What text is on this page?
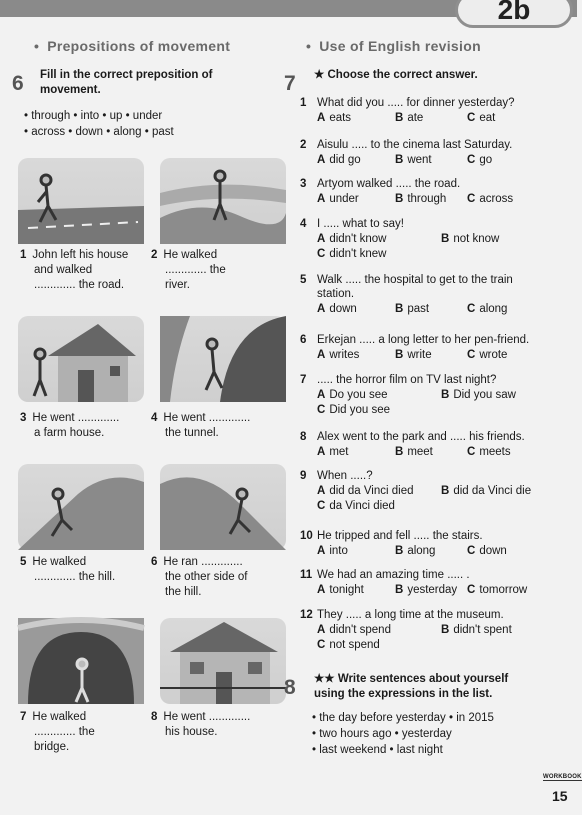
2b
• Prepositions of movement	• Use of English revision
6 Fill in the correct preposition of movement.
• through • into • up • under
• across • down • along • past
1 John left his house
and walked
............. the road.
2 He walked
............. the
river.
3 He went .............
a farm house.
4 He went .............
the tunnel.
5 He walked
............. the hill.
6 He ran .............
the other side of
the hill.
7 He walked
............. the
bridge.
8 He went .............
his house.
7 ★ Choose the correct answer.
1 What did you ..... for dinner yesterday?
A eats	B ate	C eat
2 Aisulu ..... to the cinema last Saturday.
A did go	B went	C go
3 Artyom walked ..... the road.
A under	B through C across
4 I ..... what to say!
A didn't know	B not know
C didn't knew
5 Walk ..... the hospital to get to the train
station.
A down	B past	C along
6 Erkejan ..... a long letter to her pen-friend.
A writes	B write	C wrote
7 ..... the horror film on TV last night?
A Do you see	B Did you saw
C Did you see
8 Alex went to the park and ..... his friends.
A met	B meet	C meets
9 When .....?
A did da Vinci died B did da Vinci die
C da Vinci died
10 He tripped and fell ..... the stairs.
A into	B along	C down
11 We had an amazing time ..... .
A tonight	B yesterday C tomorrow
12 They ..... a long time at the museum.
A didn't spend	B didn't spent
C not spend
8 ★★ Write sentences about yourself
using the expressions in the list.
• the day before yesterday • in 2015
• two hours ago • yesterday
• last weekend • last night
WORKBOOK
15
